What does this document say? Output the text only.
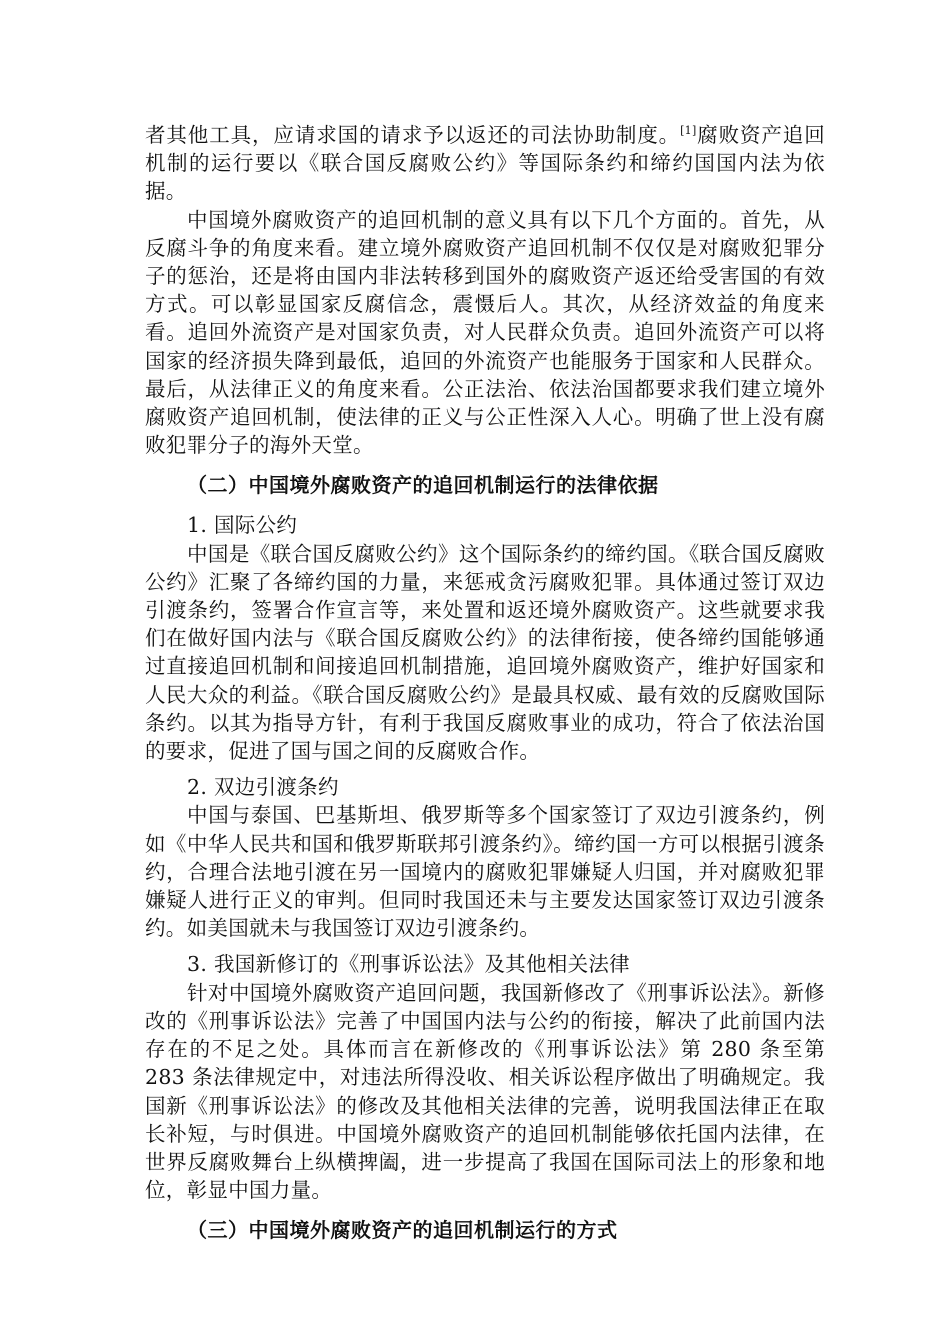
者其他工具，应请求国的请求予以返还的司法协助制度。[1]腐败资产追回机制的运行要以《联合国反腐败公约》等国际条约和缔约国国内法为依据。

中国境外腐败资产的追回机制的意义具有以下几个方面的。首先，从反腐斗争的角度来看。建立境外腐败资产追回机制不仅仅是对腐败犯罪分子的惩治，还是将由国内非法转移到国外的腐败资产返还给受害国的有效方式。可以彰显国家反腐信念，震慑后人。其次，从经济效益的角度来看。追回外流资产是对国家负责，对人民群众负责。追回外流资产可以将国家的经济损失降到最低，追回的外流资产也能服务于国家和人民群众。最后，从法律正义的角度来看。公正法治、依法治国都要求我们建立境外腐败资产追回机制，使法律的正义与公正性深入人心。明确了世上没有腐败犯罪分子的海外天堂。

（二）中国境外腐败资产的追回机制运行的法律依据

1. 国际公约

中国是《联合国反腐败公约》这个国际条约的缔约国。《联合国反腐败公约》汇聚了各缔约国的力量，来惩戒贪污腐败犯罪。具体通过签订双边引渡条约，签署合作宣言等，来处置和返还境外腐败资产。这些就要求我们在做好国内法与《联合国反腐败公约》的法律衔接，使各缔约国能够通过直接追回机制和间接追回机制措施，追回境外腐败资产，维护好国家和人民大众的利益。《联合国反腐败公约》是最具权威、最有效的反腐败国际条约。以其为指导方针，有利于我国反腐败事业的成功，符合了依法治国的要求，促进了国与国之间的反腐败合作。

2. 双边引渡条约

中国与泰国、巴基斯坦、俄罗斯等多个国家签订了双边引渡条约，例如《中华人民共和国和俄罗斯联邦引渡条约》。缔约国一方可以根据引渡条约，合理合法地引渡在另一国境内的腐败犯罪嫌疑人归国，并对腐败犯罪嫌疑人进行正义的审判。但同时我国还未与主要发达国家签订双边引渡条约。如美国就未与我国签订双边引渡条约。

3. 我国新修订的《刑事诉讼法》及其他相关法律

针对中国境外腐败资产追回问题，我国新修改了《刑事诉讼法》。新修改的《刑事诉讼法》完善了中国国内法与公约的衔接，解决了此前国内法存在的不足之处。具体而言在新修改的《刑事诉讼法》第 280 条至第 283 条法律规定中，对违法所得没收、相关诉讼程序做出了明确规定。我国新《刑事诉讼法》的修改及其他相关法律的完善，说明我国法律正在取长补短，与时俱进。中国境外腐败资产的追回机制能够依托国内法律，在世界反腐败舞台上纵横捭阖，进一步提高了我国在国际司法上的形象和地位，彰显中国力量。

（三）中国境外腐败资产的追回机制运行的方式
